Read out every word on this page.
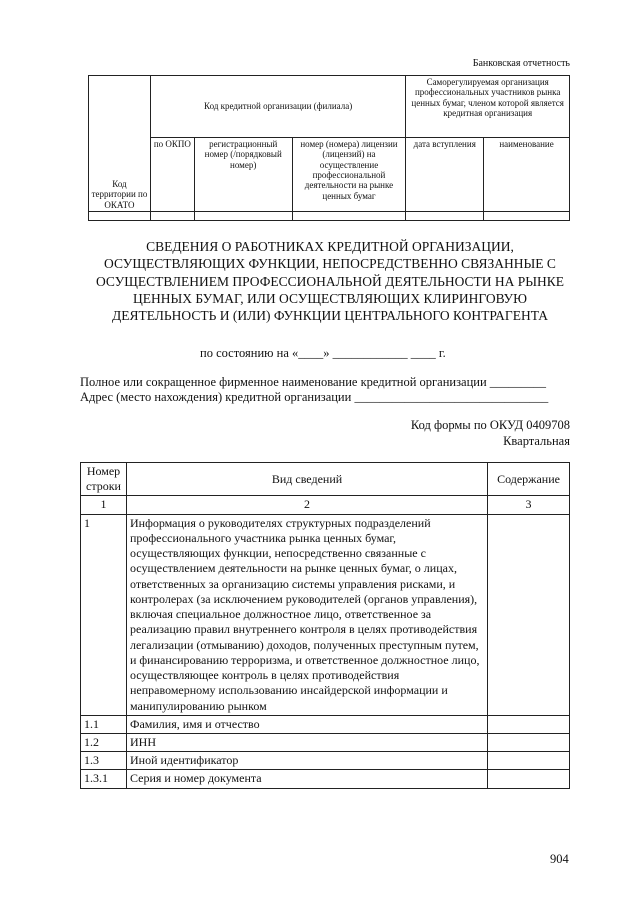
Банковская отчетность
Код территории по ОКАТО	Код кредитной организации (филиала)			Саморегулируемая организация профессиональных участников рынка ценных бумаг, членом которой является кредитная организация	
	по ОКПО	регистрационный номер (/порядковый номер)	номер (номера) лицензии (лицензий) на осуществление профессиональной деятельности на рынке ценных бумаг	дата вступления	наименование

СВЕДЕНИЯ О РАБОТНИКАХ КРЕДИТНОЙ ОРГАНИЗАЦИИ, ОСУЩЕСТВЛЯЮЩИХ ФУНКЦИИ, НЕПОСРЕДСТВЕННО СВЯЗАННЫЕ С ОСУЩЕСТВЛЕНИЕМ ПРОФЕССИОНАЛЬНОЙ ДЕЯТЕЛЬНОСТИ НА РЫНКЕ ЦЕННЫХ БУМАГ, ИЛИ ОСУЩЕСТВЛЯЮЩИХ КЛИРИНГОВУЮ ДЕЯТЕЛЬНОСТЬ И (ИЛИ) ФУНКЦИИ ЦЕНТРАЛЬНОГО КОНТРАГЕНТА
по состоянию на «____» ____________ ____ г.
Полное или сокращенное фирменное наименование кредитной организации _________
Адрес (место нахождения) кредитной организации _______________________________
Код формы по ОКУД 0409708
Квартальная
Номер строки	Вид сведений	Содержание
1	2	3
1	Информация о руководителях структурных подразделений профессионального участника рынка ценных бумаг, осуществляющих функции, непосредственно связанные с осуществлением деятельности на рынке ценных бумаг, о лицах, ответственных за организацию системы управления рисками, и контролерах (за исключением руководителей (органов управления), включая специальное должностное лицо, ответственное за реализацию правил внутреннего контроля в целях противодействия легализации (отмыванию) доходов, полученных преступным путем, и финансированию терроризма, и ответственное должностное лицо, осуществляющее контроль в целях противодействия неправомерному использованию инсайдерской информации и манипулированию рынком	
1.1	Фамилия, имя и отчество	
1.2	ИНН	
1.3	Иной идентификатор	
1.3.1	Серия и номер документа	
904
